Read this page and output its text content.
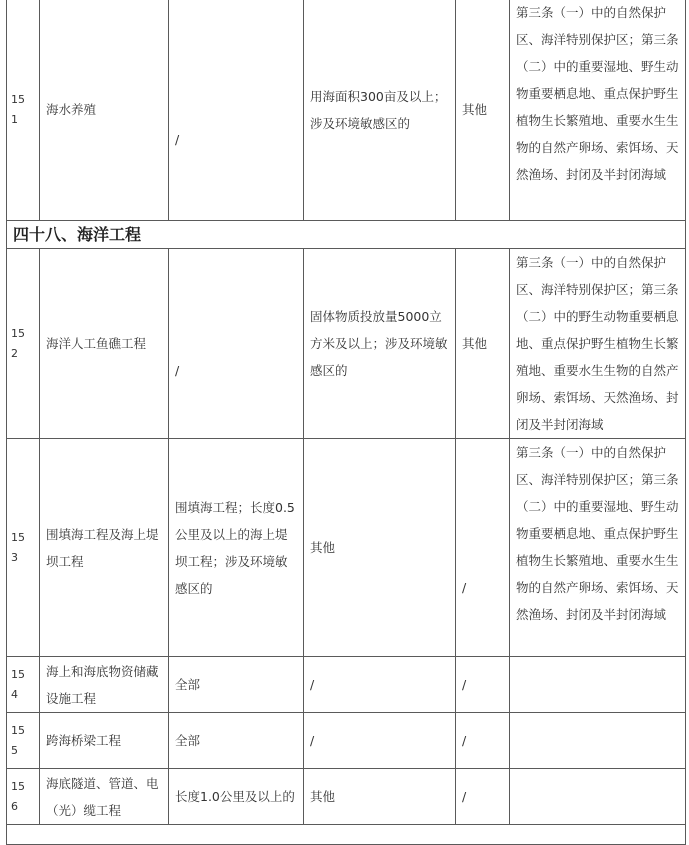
15
1	海水养殖	/	用海面积300亩及以上；涉及环境敏感区的	其他	第三条（一）中的自然保护区、海洋特别保护区；第三条（二）中的重要湿地、野生动物重要栖息地、重点保护野生植物生长繁殖地、重要水生生物的自然产卵场、索饵场、天然渔场、封闭及半封闭海域
四十八、海洋工程					
15
2	海洋人工鱼礁工程	/	固体物质投放量5000立方米及以上；涉及环境敏感区的	其他	第三条（一）中的自然保护区、海洋特别保护区；第三条（二）中的野生动物重要栖息地、重点保护野生植物生长繁殖地、重要水生生物的自然产卵场、索饵场、天然渔场、封闭及半封闭海域
15
3	围填海工程及海上堤坝工程	围填海工程；长度0.5公里及以上的海上堤坝工程；涉及环境敏感区的	其他	/	第三条（一）中的自然保护区、海洋特别保护区；第三条（二）中的重要湿地、野生动物重要栖息地、重点保护野生植物生长繁殖地、重要水生生物的自然产卵场、索饵场、天然渔场、封闭及半封闭海域
15
4	海上和海底物资储藏设施工程	全部	/	/	
15
5	跨海桥梁工程	全部	/	/	
15
6	海底隧道、管道、电（光）缆工程	长度1.0公里及以上的	其他	/	
